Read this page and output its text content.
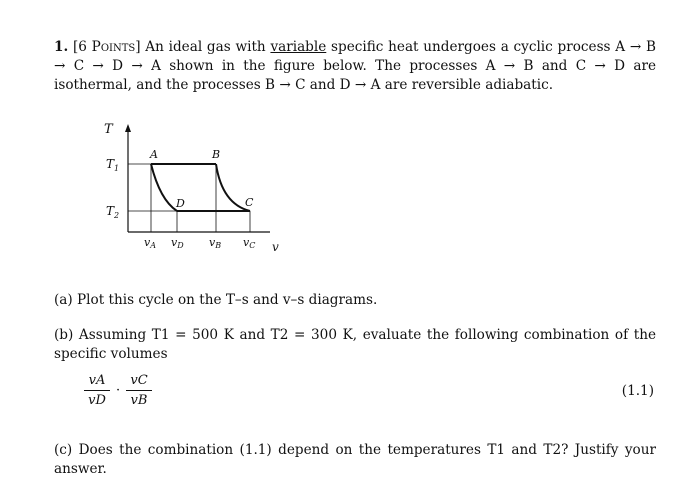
1. [6 Points] An ideal gas with variable specific heat undergoes a cyclic process A → B → C → D → A shown in the figure below. The processes A → B and C → D are isothermal, and the processes B → C and D → A are reversible adiabatic.
T
v
$T_1$
$T_2$
vA vD vB vC
A	B
C
D
(a) Plot this cycle on the T–s and v–s diagrams.
(b) Assuming T1 = 500 K and T2 = 300 K, evaluate the following combination of the specific volumes
vA
vD
·
vC
vB
(1.1)
(c) Does the combination (1.1) depend on the temperatures T1 and T2? Justify your answer.
